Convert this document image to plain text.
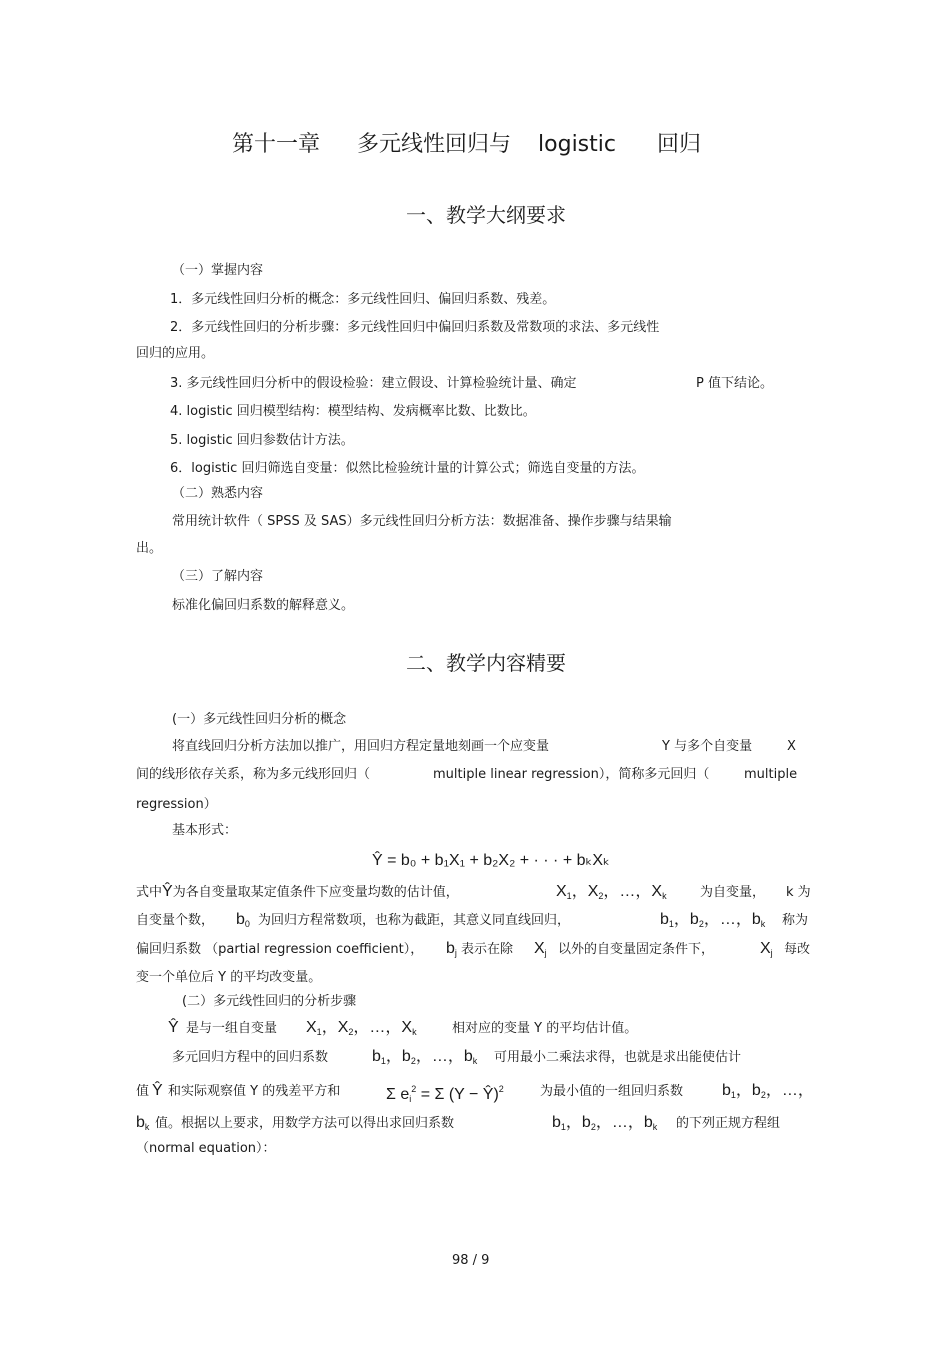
第十一章 多元线性回归与 logistic 回归
一、教学大纲要求
（一）掌握内容
1．多元线性回归分析的概念：多元线性回归、偏回归系数、残差。
2．多元线性回归的分析步骤：多元线性回归中偏回归系数及常数项的求法、多元线性
回归的应用。
3. 多元线性回归分析中的假设检验：建立假设、计算检验统计量、确定	P 值下结论。
4. logistic 回归模型结构：模型结构、发病概率比数、比数比。
5. logistic 回归参数估计方法。
6．logistic 回归筛选自变量：似然比检验统计量的计算公式；筛选自变量的方法。
（二）熟悉内容
常用统计软件（ SPSS 及 SAS）多元线性回归分析方法：数据准备、操作步骤与结果输
出。
（三）了解内容
标准化偏回归系数的解释意义。
二、教学内容精要
(一）多元线性回归分析的概念
将直线回归分析方法加以推广，用回归方程定量地刻画一个应变量	Y 与多个自变量	X
间的线形依存关系，称为多元线形回归（	multiple linear regression），简称多元回归（	multiple
regression）
基本形式：
Ŷ = b₀ + b₁X₁ + b₂X₂ + · · · + bₖXₖ
式中Ŷ为各自变量取某定值条件下应变量均数的估计值，	$X_1$，$X_2$，…，$X_k$	为自变量， k 为
自变量个数， $b_0$ 为回归方程常数项，也称为截距，其意义同直线回归，	$b_1$，$b_2$，…，$b_k$ 称为
偏回归系数 （partial regression coefficient）， $b_j$ 表示在除 $X_j$ 以外的自变量固定条件下，	$X_j$ 每改
变一个单位后 Y 的平均改变量。
(二）多元线性回归的分析步骤
Ŷ 是与一组自变量 $X_1$，$X_2$，…，$X_k$	相对应的变量 Y 的平均估计值。
多元回归方程中的回归系数	$b_1$，$b_2$，…，$b_k$ 可用最小二乘法求得，也就是求出能使估计
值 Ŷ 和实际观察值 Y 的残差平方和	Σ $e_i^2 = \Sigma$ (Y − Ŷ)$^2$	为最小值的一组回归系数 $b_1$，$b_2$，…，
$b_k$ 值。根据以上要求，用数学方法可以得出求回归系数	$b_1$，$b_2$，…，$b_k$ 的下列正规方程组
（normal equation）：
98 / 9
